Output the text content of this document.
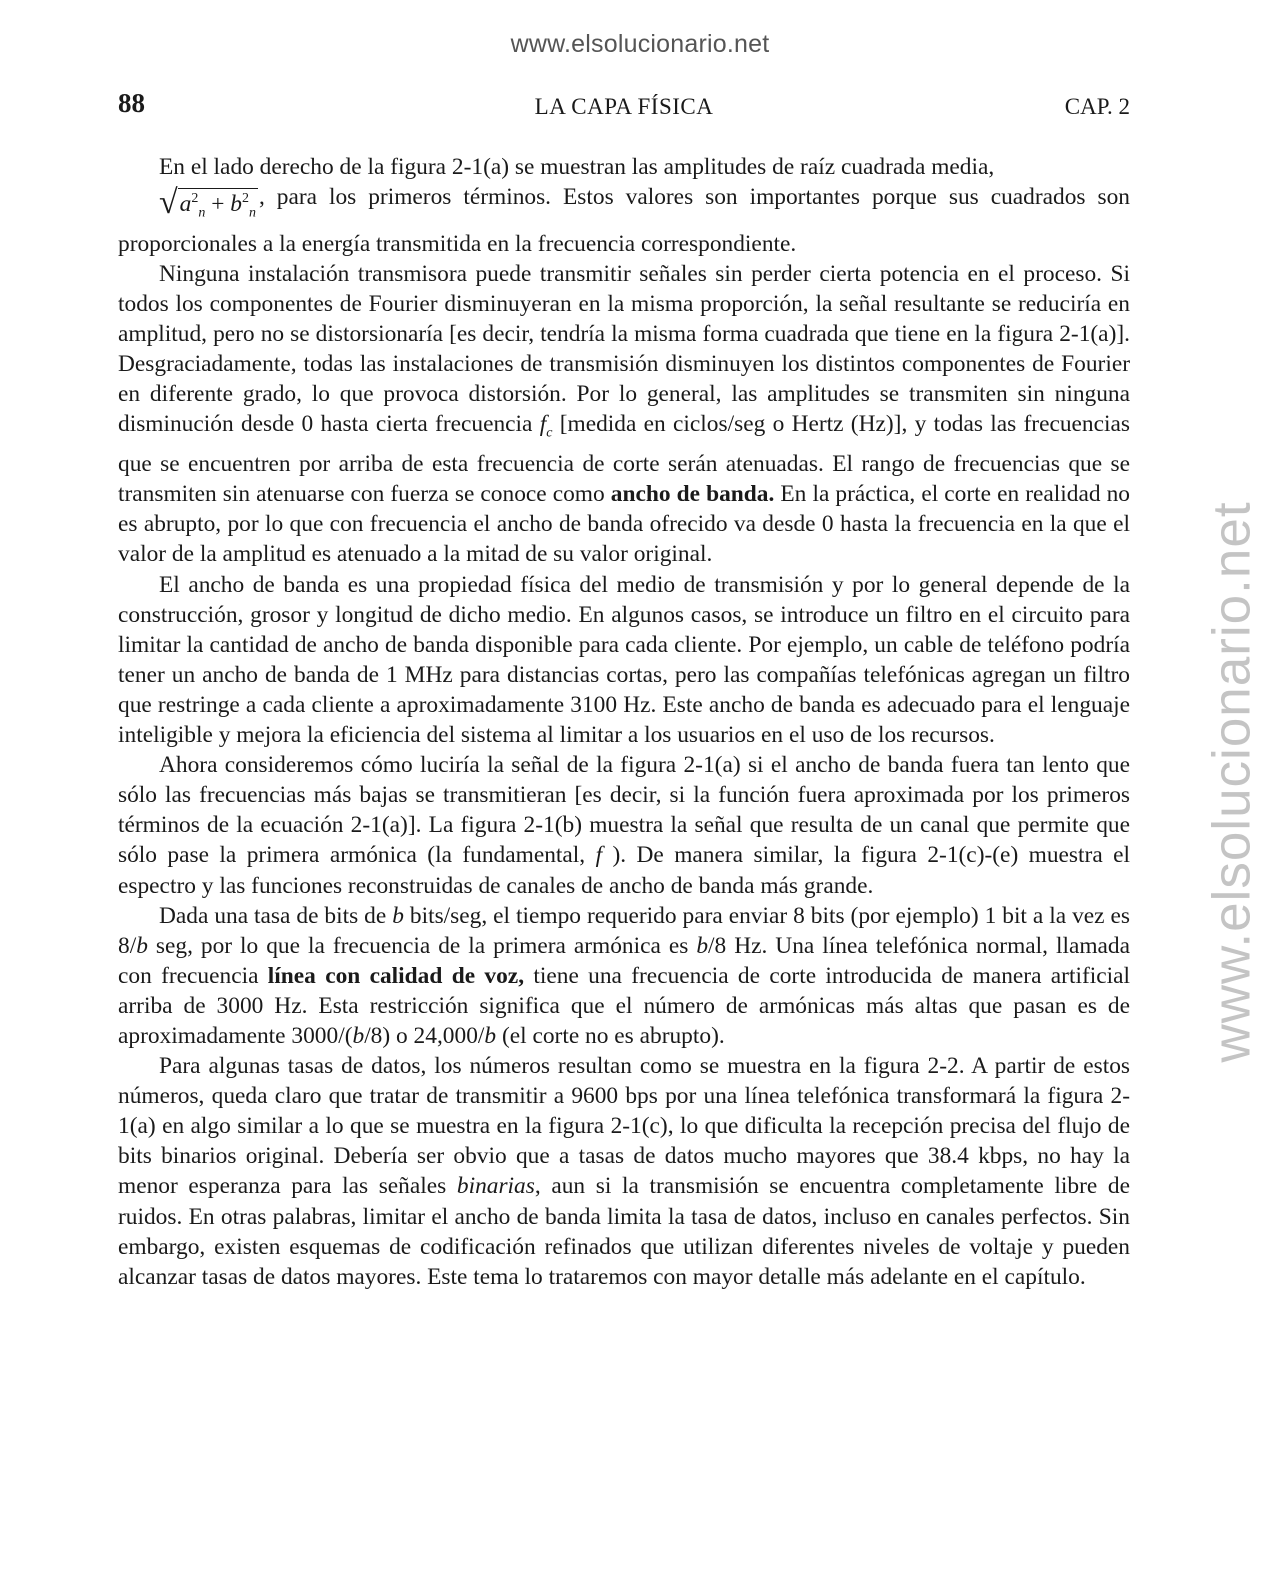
www.elsolucionario.net
www.elsolucionario.net
88	LA CAPA FÍSICA	CAP. 2

En el lado derecho de la figura 2-1(a) se muestran las amplitudes de raíz cuadrada media,
$√a^2_n + b^2_n$, para los primeros términos. Estos valores son importantes porque sus cuadrados son proporcionales a la energía transmitida en la frecuencia correspondiente.

Ninguna instalación transmisora puede transmitir señales sin perder cierta potencia en el proceso. Si todos los componentes de Fourier disminuyeran en la misma proporción, la señal resultante se reduciría en amplitud, pero no se distorsionaría [es decir, tendría la misma forma cuadrada que tiene en la figura 2-1(a)]. Desgraciadamente, todas las instalaciones de transmisión disminuyen los distintos componentes de Fourier en diferente grado, lo que provoca distorsión. Por lo general, las amplitudes se transmiten sin ninguna disminución desde 0 hasta cierta frecuencia $f_c$ [medida en ciclos/seg o Hertz (Hz)], y todas las frecuencias que se encuentren por arriba de esta frecuencia de corte serán atenuadas. El rango de frecuencias que se transmiten sin atenuarse con fuerza se conoce como ancho de banda. En la práctica, el corte en realidad no es abrupto, por lo que con frecuencia el ancho de banda ofrecido va desde 0 hasta la frecuencia en la que el valor de la amplitud es atenuado a la mitad de su valor original.

El ancho de banda es una propiedad física del medio de transmisión y por lo general depende de la construcción, grosor y longitud de dicho medio. En algunos casos, se introduce un filtro en el circuito para limitar la cantidad de ancho de banda disponible para cada cliente. Por ejemplo, un cable de teléfono podría tener un ancho de banda de 1 MHz para distancias cortas, pero las compañías telefónicas agregan un filtro que restringe a cada cliente a aproximadamente 3100 Hz. Este ancho de banda es adecuado para el lenguaje inteligible y mejora la eficiencia del sistema al limitar a los usuarios en el uso de los recursos.

Ahora consideremos cómo luciría la señal de la figura 2-1(a) si el ancho de banda fuera tan lento que sólo las frecuencias más bajas se transmitieran [es decir, si la función fuera aproximada por los primeros términos de la ecuación 2-1(a)]. La figura 2-1(b) muestra la señal que resulta de un canal que permite que sólo pase la primera armónica (la fundamental, f ). De manera similar, la figura 2-1(c)-(e) muestra el espectro y las funciones reconstruidas de canales de ancho de banda más grande.

Dada una tasa de bits de b bits/seg, el tiempo requerido para enviar 8 bits (por ejemplo) 1 bit a la vez es 8/b seg, por lo que la frecuencia de la primera armónica es b/8 Hz. Una línea telefónica normal, llamada con frecuencia línea con calidad de voz, tiene una frecuencia de corte introducida de manera artificial arriba de 3000 Hz. Esta restricción significa que el número de armónicas más altas que pasan es de aproximadamente 3000/(b/8) o 24,000/b (el corte no es abrupto).

Para algunas tasas de datos, los números resultan como se muestra en la figura 2-2. A partir de estos números, queda claro que tratar de transmitir a 9600 bps por una línea telefónica transformará la figura 2-1(a) en algo similar a lo que se muestra en la figura 2-1(c), lo que dificulta la recepción precisa del flujo de bits binarios original. Debería ser obvio que a tasas de datos mucho mayores que 38.4 kbps, no hay la menor esperanza para las señales binarias, aun si la transmisión se encuentra completamente libre de ruidos. En otras palabras, limitar el ancho de banda limita la tasa de datos, incluso en canales perfectos. Sin embargo, existen esquemas de codificación refinados que utilizan diferentes niveles de voltaje y pueden alcanzar tasas de datos mayores. Este tema lo trataremos con mayor detalle más adelante en el capítulo.
